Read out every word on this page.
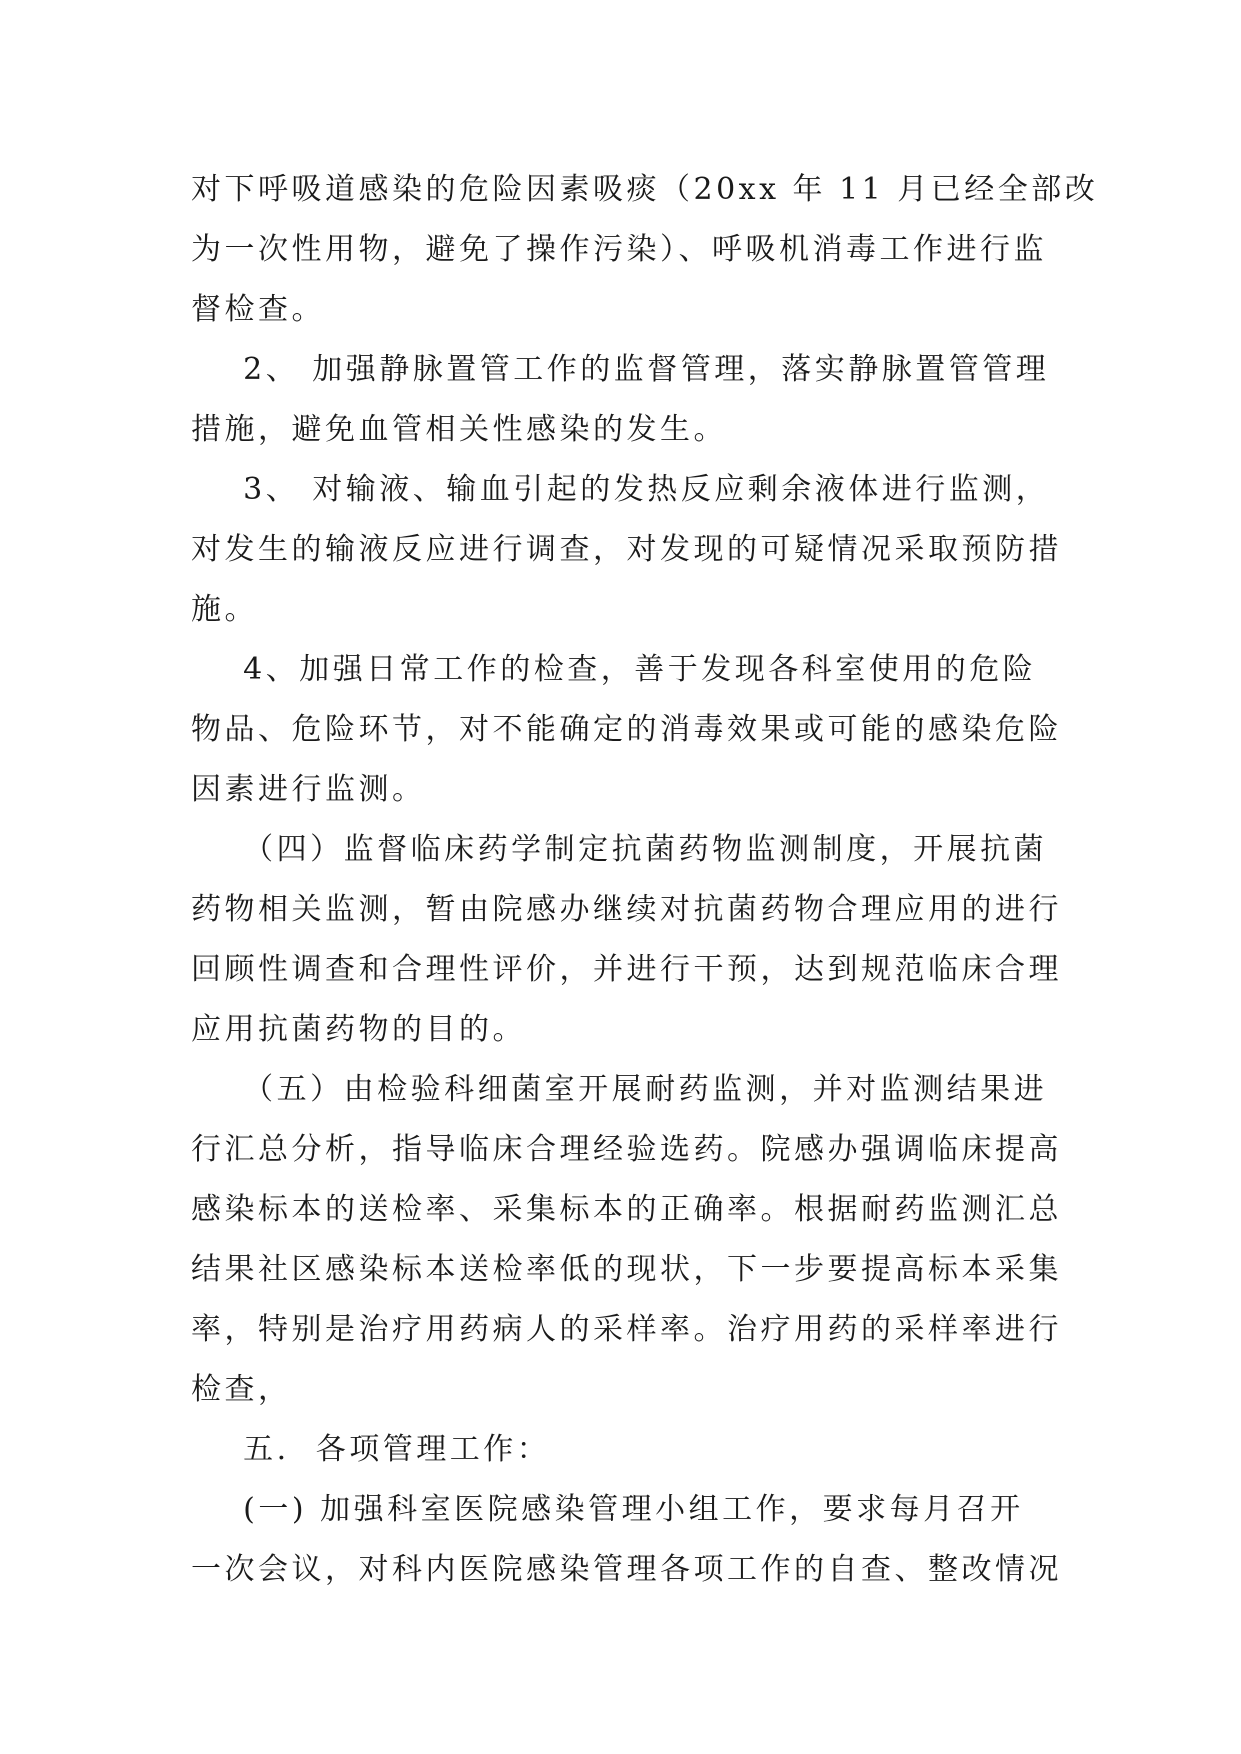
对下呼吸道感染的危险因素吸痰（20xx 年 11 月已经全部改
为一次性用物，避免了操作污染）、呼吸机消毒工作进行监
督检查。
2、 加强静脉置管工作的监督管理，落实静脉置管管理
措施，避免血管相关性感染的发生。
3、 对输液、输血引起的发热反应剩余液体进行监测，
对发生的输液反应进行调查，对发现的可疑情况采取预防措
施。
4、加强日常工作的检查，善于发现各科室使用的危险
物品、危险环节，对不能确定的消毒效果或可能的感染危险
因素进行监测。
（四）监督临床药学制定抗菌药物监测制度，开展抗菌
药物相关监测，暂由院感办继续对抗菌药物合理应用的进行
回顾性调查和合理性评价，并进行干预，达到规范临床合理
应用抗菌药物的目的。
（五）由检验科细菌室开展耐药监测，并对监测结果进
行汇总分析，指导临床合理经验选药。院感办强调临床提高
感染标本的送检率、采集标本的正确率。根据耐药监测汇总
结果社区感染标本送检率低的现状，下一步要提高标本采集
率，特别是治疗用药病人的采样率。治疗用药的采样率进行
检查，
五.  各项管理工作：
(一) 加强科室医院感染管理小组工作，要求每月召开
一次会议，对科内医院感染管理各项工作的自查、整改情况
